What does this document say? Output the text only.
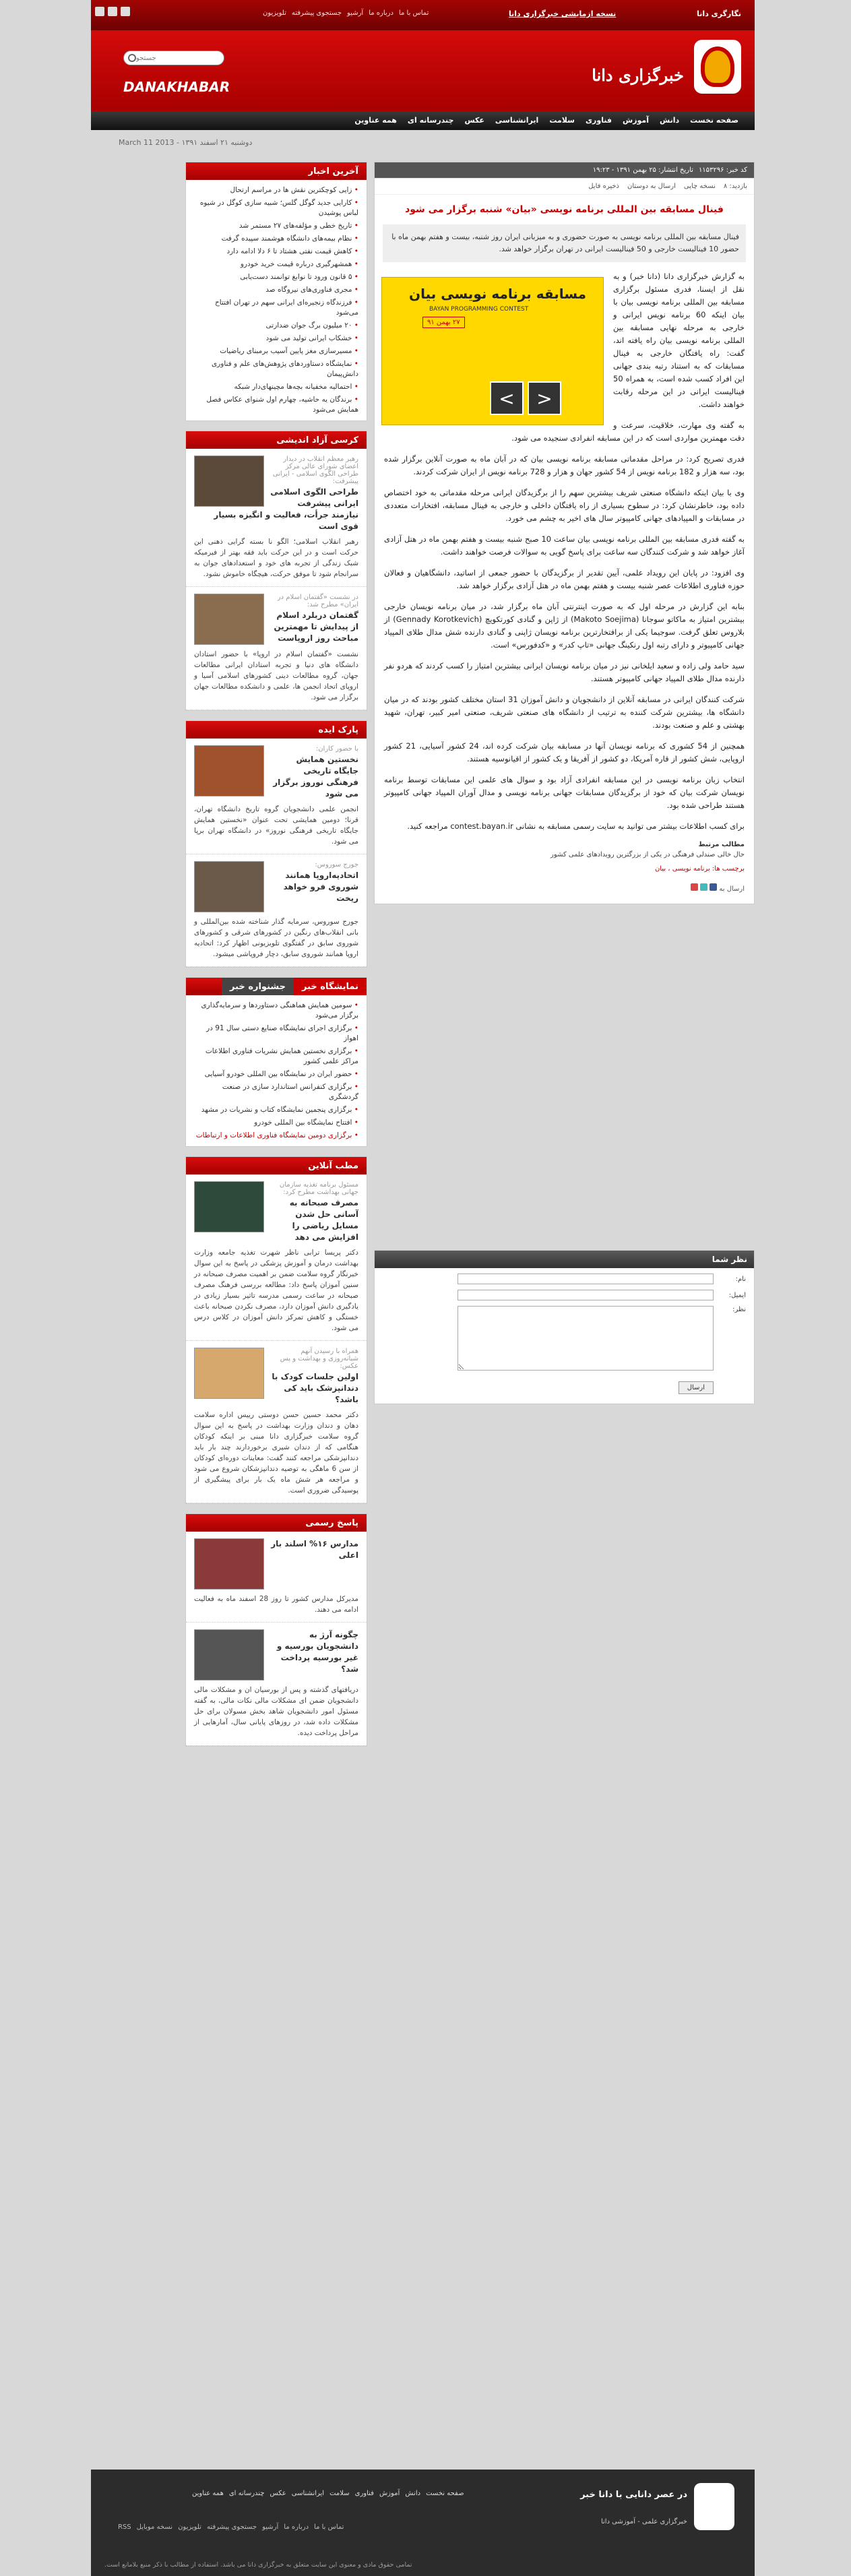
تماس با ما
درباره ما
آرشیو
جستجوی پیشرفته
تلویزیون	نسخه ازمایشی خبرگزاری دانا	نگارگری دانا
خبرگزاری دانا
جستجو
DANAKHABAR
صفحه نخست
دانش
آموزش
فناوری
سلامت
ایرانشناسی
عکس
چندرسانه ای
همه عناوین
دوشنبه ۲۱ اسفند ۱۳۹۱ - 2013 March 11
کد خبر: ۱۱۵۳۲۹۶
تاریخ انتشار: ۲۵ بهمن ۱۳۹۱ - ۱۹:۲۳
بازدید: ۸
نسخه چاپی
ارسال به دوستان
ذخیره فایل
فینال مسابقه بین المللی برنامه نویسی «بیان» شنبه برگزار می شود
فینال مسابقه بین المللی برنامه نویسی به صورت حضوری و به میزبانی ایران روز شنبه، بیست و هفتم بهمن ماه با حضور 10 فینالیست خارجی و 50 فینالیست ایرانی در تهران برگزار خواهد شد.
مسابقه برنامه نویسی بیان
BAYAN PROGRAMMING CONTEST
۲۷ بهمن ۹۱
<	>

به گزارش خبرگزاری دانا (دانا خبر) و به نقل از ایسنا، فدری مسئول برگزاری مسابقه بین المللی برنامه نویسی بیان با بیان اینکه 60 برنامه نویس ایرانی و خارجی به مرحله نهایی مسابقه بین المللی برنامه نویسی بیان راه یافته اند، گفت: راه یافتگان خارجی به فینال مسابقات که به استناد رتبه بندی جهانی این افراد کسب شده است، به همراه 50 فینالیست ایرانی در این مرحله رقابت خواهند داشت.

به گفته وی مهارت، خلاقیت، سرعت و دقت مهمترین مواردی است که در این مسابقه انفرادی سنجیده می شود.

فدری تصریح کرد: در مراحل مقدماتی مسابقه برنامه نویسی بیان که در آبان ماه به صورت آنلاین برگزار شده بود، سه هزار و 182 برنامه نویس از 54 کشور جهان و هزار و 728 برنامه نویس از ایران شرکت کردند.

وی با بیان اینکه دانشگاه صنعتی شریف بیشترین سهم را از برگزیدگان ایرانی مرحله مقدماتی به خود اختصاص داده بود، خاطرنشان کرد: در سطوح بسیاری از راه یافتگان داخلی و خارجی به فینال مسابقه، افتخارات متعددی در مسابقات و المپیادهای جهانی کامپیوتر سال های اخیر به چشم می خورد.

به گفته فدری مسابقه بین المللی برنامه نویسی بیان ساعت 10 صبح شنبه بیست و هفتم بهمن ماه در هتل آزادی آغاز خواهد شد و شرکت کنندگان سه ساعت برای پاسخ گویی به سوالات فرصت خواهند داشت.

وی افزود: در پایان این رویداد علمی، آیین تقدیر از برگزیدگان با حضور جمعی از اساتید، دانشگاهیان و فعالان حوزه فناوری اطلاعات عصر شنبه بیست و هفتم بهمن ماه در هتل آزادی برگزار خواهد شد.

بنابه این گزارش در مرحله اول که به صورت اینترنتی آبان ماه برگزار شد، در میان برنامه نویسان خارجی بیشترین امتیاز به ماکاتو سوجانا (Makoto Soejima) از ژاپن و گنادی کورتکویچ (Gennady Korotkevich) از بلاروس تعلق گرفت. سوجیما یکی از برافتخارترین برنامه نویسان ژاپنی و گنادی دارنده شش مدال طلای المپیاد جهانی کامپیوتر و دارای رتبه اول رنکینگ جهانی «تاپ کدر» و «کدفورس» است.

سید حامد ولی زاده و سعید ایلخانی نیز در میان برنامه نویسان ایرانی بیشترین امتیاز را کسب کردند که هردو نفر دارنده مدال طلای المپیاد جهانی کامپیوتر هستند.

شرکت کنندگان ایرانی در مسابقه آنلاین از دانشجویان و دانش آموزان 31 استان مختلف کشور بودند که در میان دانشگاه ها، بیشترین شرکت کننده به ترتیب از دانشگاه های صنعتی شریف، صنعتی امیر کبیر، تهران، شهید بهشتی و علم و صنعت بودند.

همچنین از 54 کشوری که برنامه نویسان آنها در مسابقه بیان شرکت کرده اند، 24 کشور آسیایی، 21 کشور اروپایی، شش کشور از قاره آمریکا، دو کشور از آفریقا و یک کشور از اقیانوسیه هستند.

انتخاب زبان برنامه نویسی در این مسابقه انفرادی آزاد بود و سوال های علمی این مسابقات توسط برنامه نویسان شرکت بیان که خود از برگزیدگان مسابقات جهانی برنامه نویسی و مدال آوران المپیاد جهانی کامپیوتر هستند طراحی شده بود.

برای کسب اطلاعات بیشتر می توانید به سایت رسمی مسابقه به نشانی contest.bayan.ir مراجعه کنید.

مطالب مرتبط
حال خالی صندلی فرهنگی در یکی از بزرگترین رویدادهای علمی کشور
برچسب ها: برنامه نویسی ، بیان
ارسال به
نظر شما
نام:
ایمیل:
نظر:
ارسال
آخرین اخبار
• زایی کوچکترین نقش ها در مراسم ارتحال
• کارایی جدید گوگل گلس؛ شبیه سازی کوگل در شیوه لباس پوشیدن
• تاریخ خطی و مؤلفه‌های ۲۷ مستمر شد
• نظام بیمه‌های دانشگاه هوشمند سپیده گرفت
• کاهش قیمت نفتی هشتاد تا ۶ دلا ادامه دارد
• همشهرگیری درباره قیمت خرید خودرو
• ۵ قانون ورود تا نوابغ توانمند دست‌یابی
• مجری فناوری‌های نیرو‌گاه صد
• فرزندگاه زنجیره‌ای ایرانی سهم در تهران افتتاح می‌شود
• ۲۰ میلیون برگ جوان ضدارتی
• خشکاب ایرانی تولید می شود
• مسیرسازی مغز پایین آسیب برمبنای ریاضیات
• نمایشگاه دستاوردهای پژوهش‌های علم و فناوری دانش‌پیمان
• احتمالیه مخفیانه بچه‌ها مچینهای‌دار شبکه
• برندگان یه حاشیه، چهارم اول شنوای عکاس فصل همایش می‌شود
کرسی آزاد اندیشی
رهبر معظم انقلاب در دیدار اعضای شورای عالی مرکز طراحی الگوی اسلامی - ایرانی پیشرفت:
طراحی الگوی اسلامی ایرانی پیشرفت نیازمند جرأت، فعالیت و انگیزه بسیار قوی است
رهبر انقلاب اسلامی؛ الگو نا بسته گرایی ذهنی این حرکت است و در این حرکت باید فقه بهتر از فیرمیکه شبک زندگی از تجربه های خود و استعدادهای جوان به سرانجام شود تا موفق حرکت، هیچگاه خاموش نشود.
در نشست «گفتمان اسلام در ایران» مطرح شد:
گفتمان دربلرد اسلام از پیدایش تا مهمترین مباحث روز اروپاست
نشست «گفتمان اسلام در اروپا» با حضور استادان دانشگاه های دنیا و تجربه استادان ایرانی مطالعات جهان، گروه مطالعات دینی کشورهای اسلامی آسیا و اروپای اتحاد انجمن ها، علمی و دانشکده مطالعات جهان برگزار می شود.
پارک ایده
با حضور کاران:
نخستین همایش جایگاه تاریخی فرهنگی نوروز برگزار می شود
انجمن علمی دانشجویان گروه تاریخ دانشگاه تهران، قرنا؛ دومین همایشی تحت عنوان «نخستین همایش جایگاه تاریخی فرهنگی نوروز» در دانشگاه تهران برپا می شود.
جورج سوروس:
اتحادیه‌اروپا همانند شوروی فرو خواهد ریخت
جورج سوروس، سرمایه گذار شناخته شده بین‌المللی و بانی انقلاب‌های رنگین در کشورهای شرقی و کشورهای شوروی سابق در گفتگوی تلویزیونی اظهار کرد: اتحادیه اروپا همانند شوروی سابق، دچار فروپاشی میشود.
نمایشگاه خبر
جشنواره خبر
• سومین همایش هماهنگی دستاوردها و سرمایه‌گذاری برگزار می‌شود
• برگزاری اجرای نمایشگاه صنایع دستی سال 91 در اهواز
• برگزاری نخستین همایش نشریات فناوری اطلاعات مراکز علمی کشور
• حضور ایران در نمایشگاه بین المللی خودرو آسیایی
• برگزاری کنفرانس استاندارد سازی در صنعت گردشگری
• برگزاری پنجمین نمایشگاه کتاب و نشریات در مشهد
• افتتاح نمایشگاه بین المللی خودرو
• برگزاری دومین نمایشگاه فناوری اطلاعات و ارتباطات
مطب آنلاین
مسئول برنامه تغذیه سازمان جهانی بهداشت مطرح کرد:
مصرف صبحانه به آسانی حل شدن مسایل ریاضی را افزایش می دهد
دکتر پریسا ترابی ناظر شهرت تغذیه جامعه وزارت بهداشت درمان و آموزش پزشکی در پاسخ به این سوال خبرنگار گروه سلامت ضمن بر اهمیت مصرف صبحانه در سنین آموزان پاسخ داد: مطالعه بررسی فرهنگ مصرف صبحانه در ساعت رسمی مدرسه تاثیر بسیار زیادی در یادگیری دانش آموزان دارد، مصرف نکردن صبحانه باعث خستگی و کاهش تمرکز دانش آموزان در کلاس درس می شود.
همراه با رسیدن آنهم شبانه‌روزی و بهداشت و پس عکس:
اولین جلسات کودک با دندانپزشک باید کی باشد؟
دکتر محمد حسین حسن دوستی رییس اداره سلامت دهان و دندان وزارت بهداشت در پاسخ به این سوال گروه سلامت خبرگزاری دانا مبنی بر اینکه کودکان هنگامی که از دندان شیری برخوردارند چند بار باید دندانپزشکی مراجعه کنند گفت: معاینات دوره‌ای کودکان از سن 6 ماهگی به توصیه دندانپزشکان شروع می شود و مراجعه هر شش ماه یک بار برای پیشگیری از پوسیدگی ضروری است.
پاسخ رسمی
مدارس ۱۶% اسلند بار اعلی
مدیرکل مدارس کشور تا روز 28 اسفند ماه به فعالیت ادامه می دهند.
چگونه آرژ به دانشجویان بورسیه و غیر بورسیه پرداخت شد؟
دریافتهای گذشته و پس از بورسیان ان و مشکلات مالی دانشجویان ضمن ای مشکلات مالی نکات مالی، به گفته مسئول امور دانشجویان شاهد بخش مسولان برای حل مشکلات داده شد، در روزهای پایانی سال، آمارهایی از مراحل پرداخت دیده.
در عصر دانایی با دانا خبر
خبرگزاری علمی - آموزشی دانا
صفحه نخست
دانش
آموزش
فناوری
سلامت
ایرانشناسی
عکس
چندرسانه ای
همه عناوین
تماس با ما
درباره ما
آرشیو
جستجوی پیشرفته
تلویزیون
نسخه موبایل
RSS
تمامی حقوق مادی و معنوی این سایت متعلق به خبرگزاری دانا می باشد. استفاده از مطالب با ذکر منبع بلامانع است.
